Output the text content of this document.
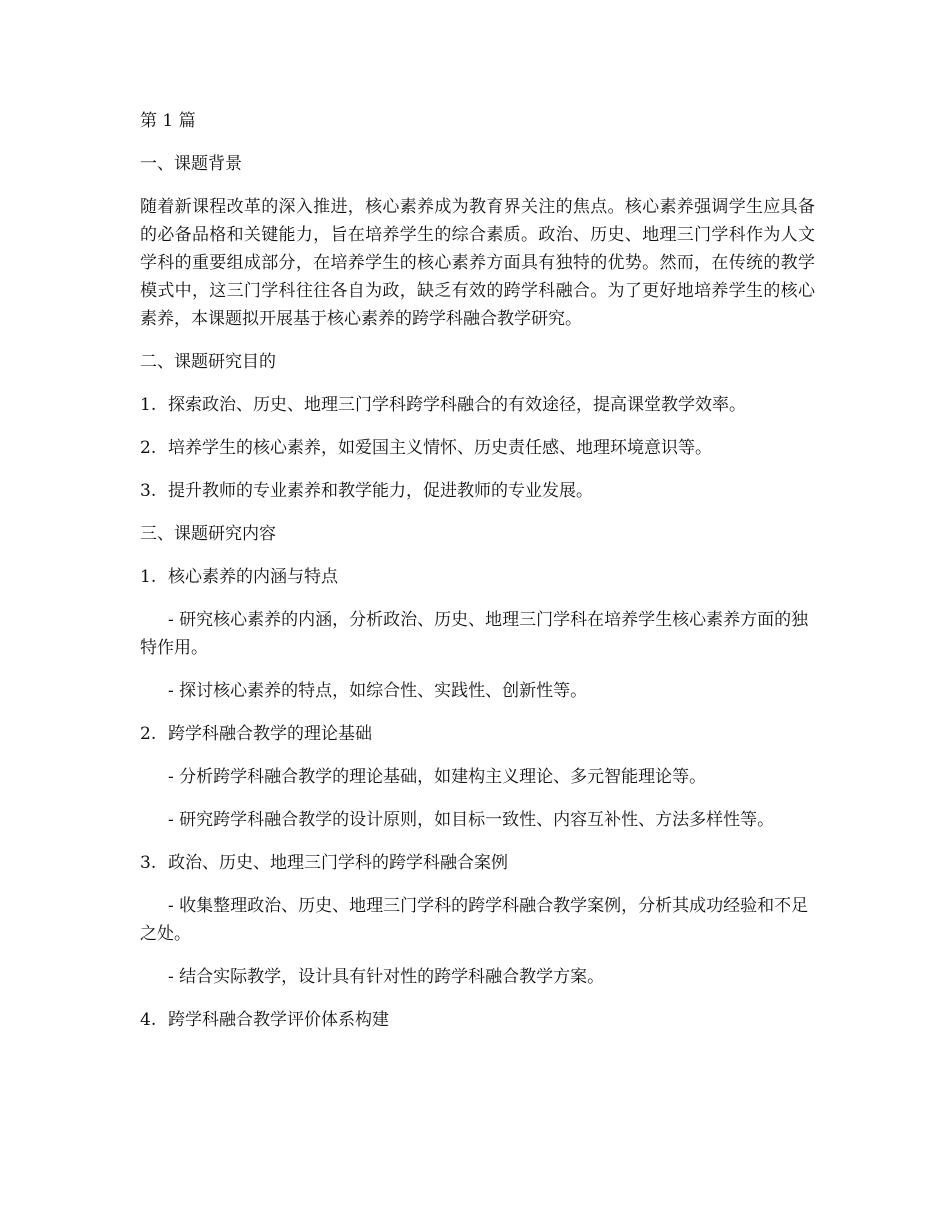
第 1 篇

一、课题背景

随着新课程改革的深入推进，核心素养成为教育界关注的焦点。核心素养强调学生应具备的必备品格和关键能力，旨在培养学生的综合素质。政治、历史、地理三门学科作为人文学科的重要组成部分，在培养学生的核心素养方面具有独特的优势。然而，在传统的教学模式中，这三门学科往往各自为政，缺乏有效的跨学科融合。为了更好地培养学生的核心素养，本课题拟开展基于核心素养的跨学科融合教学研究。

二、课题研究目的

1. 探索政治、历史、地理三门学科跨学科融合的有效途径，提高课堂教学效率。

2. 培养学生的核心素养，如爱国主义情怀、历史责任感、地理环境意识等。

3. 提升教师的专业素养和教学能力，促进教师的专业发展。

三、课题研究内容

1. 核心素养的内涵与特点

- 研究核心素养的内涵，分析政治、历史、地理三门学科在培养学生核心素养方面的独特作用。

- 探讨核心素养的特点，如综合性、实践性、创新性等。

2. 跨学科融合教学的理论基础

- 分析跨学科融合教学的理论基础，如建构主义理论、多元智能理论等。

- 研究跨学科融合教学的设计原则，如目标一致性、内容互补性、方法多样性等。

3. 政治、历史、地理三门学科的跨学科融合案例

- 收集整理政治、历史、地理三门学科的跨学科融合教学案例，分析其成功经验和不足之处。

- 结合实际教学，设计具有针对性的跨学科融合教学方案。

4. 跨学科融合教学评价体系构建
